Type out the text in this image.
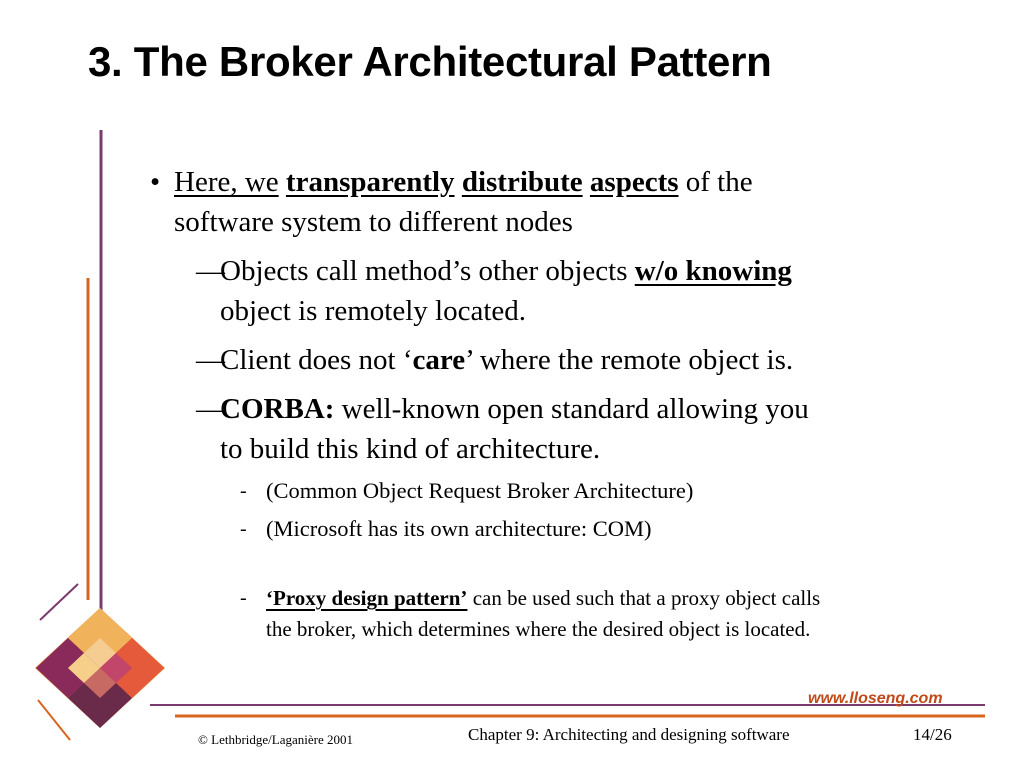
3. The Broker Architectural Pattern
• Here, we transparently distribute aspects of the
software system to different nodes
—
Objects call method’s other objects w/o knowing
object is remotely located.
—
Client does not ‘care’ where the remote object is.
—
CORBA: well-known open standard allowing you
to build this kind of architecture.
- (Common Object Request Broker Architecture)
- (Microsoft has its own architecture: COM)
- ‘Proxy design pattern’ can be used such that a proxy object calls
the broker, which determines where the desired object is located.
www.lloseng.com
© Lethbridge/Laganière 2001	Chapter 9: Architecting and designing software	14/26
